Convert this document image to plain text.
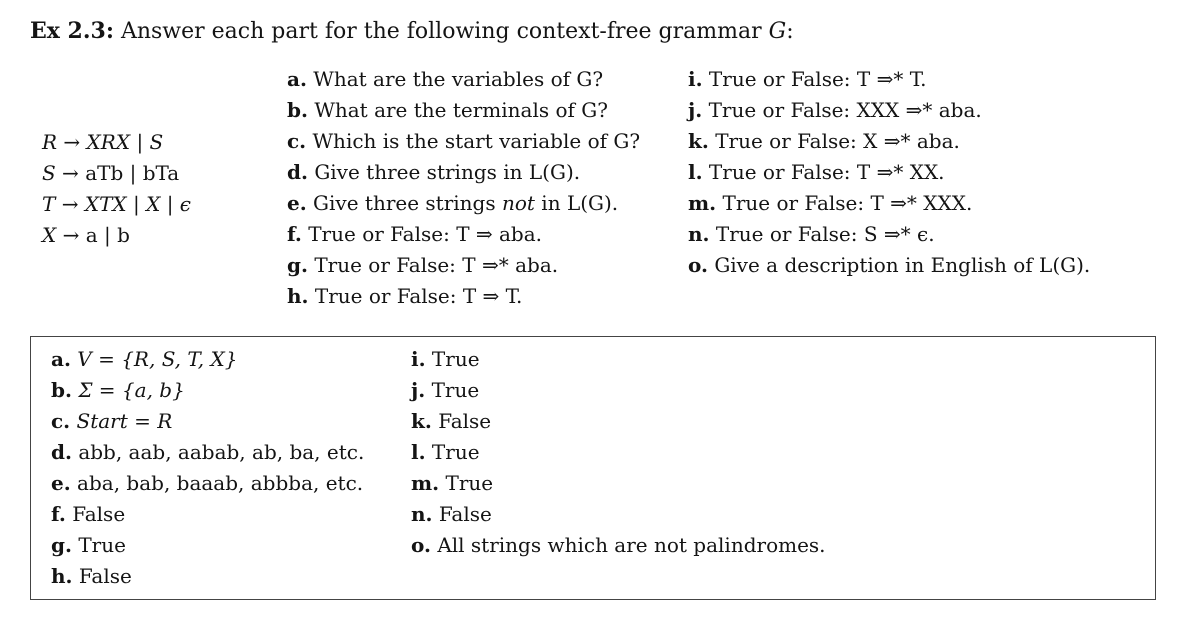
Ex 2.3: Answer each part for the following context-free grammar G:
R → XRX | S
S → aTb | bTa
T → XTX | X | ϵ
X → a | b
a. What are the variables of G?
b. What are the terminals of G?
c. Which is the start variable of G?
d. Give three strings in L(G).
e. Give three strings not in L(G).
f. True or False: T ⇒ aba.
g. True or False: T ⇒* aba.
h. True or False: T ⇒ T.
i. True or False: T ⇒* T.
j. True or False: XXX ⇒* aba.
k. True or False: X ⇒* aba.
l. True or False: T ⇒* XX.
m. True or False: T ⇒* XXX.
n. True or False: S ⇒* ϵ.
o. Give a description in English of L(G).
a. V = {R, S, T, X}
b. Σ = {a, b}
c. Start = R
d. abb, aab, aabab, ab, ba, etc.
e. aba, bab, baaab, abbba, etc.
f. False
g. True
h. False
i. True
j. True
k. False
l. True
m. True
n. False
o. All strings which are not palindromes.
